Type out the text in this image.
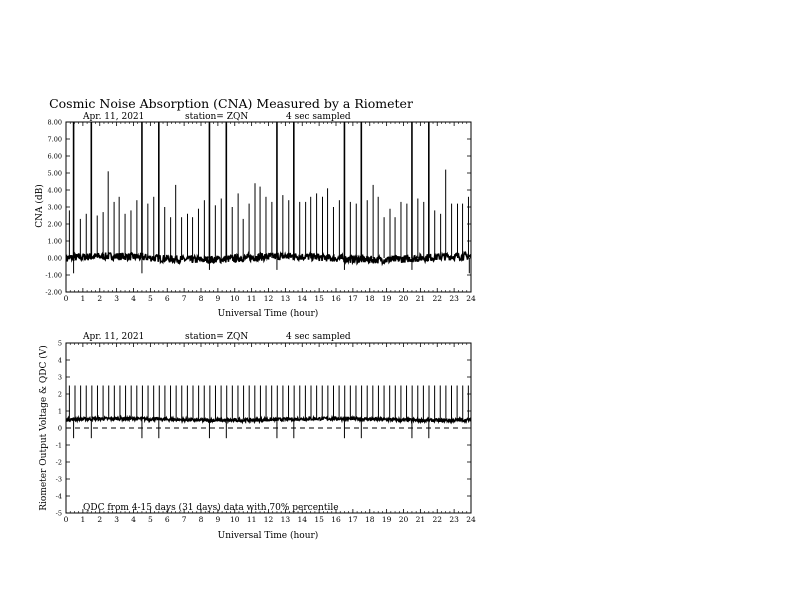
Cosmic Noise Absorption (CNA) Measured by a Riometer
Apr. 11, 2021	station= ZQN	4 sec sampled
0 1 2 3 4 5 6 7 8 9 10 11 12 13 14 15 16 17 18 19 20 21 22 23 24
-2.00
-1.00
0.00
1.00
2.00
3.00
4.00
5.00
6.00
7.00
8.00
Universal Time (hour)
CNA (dB)
Apr. 11, 2021	station= ZQN	4 sec sampled
0 1 2 3 4 5 6 7 8 9 10 11 12 13 14 15 16 17 18 19 20 21 22 23 24
-5
-4
-3
-2
-1
0
1
2
3
4
5
Universal Time (hour)
Riometer Output Voltage & QDC (V)	QDC from 4-15 days (31 days) data with 70% percentile
